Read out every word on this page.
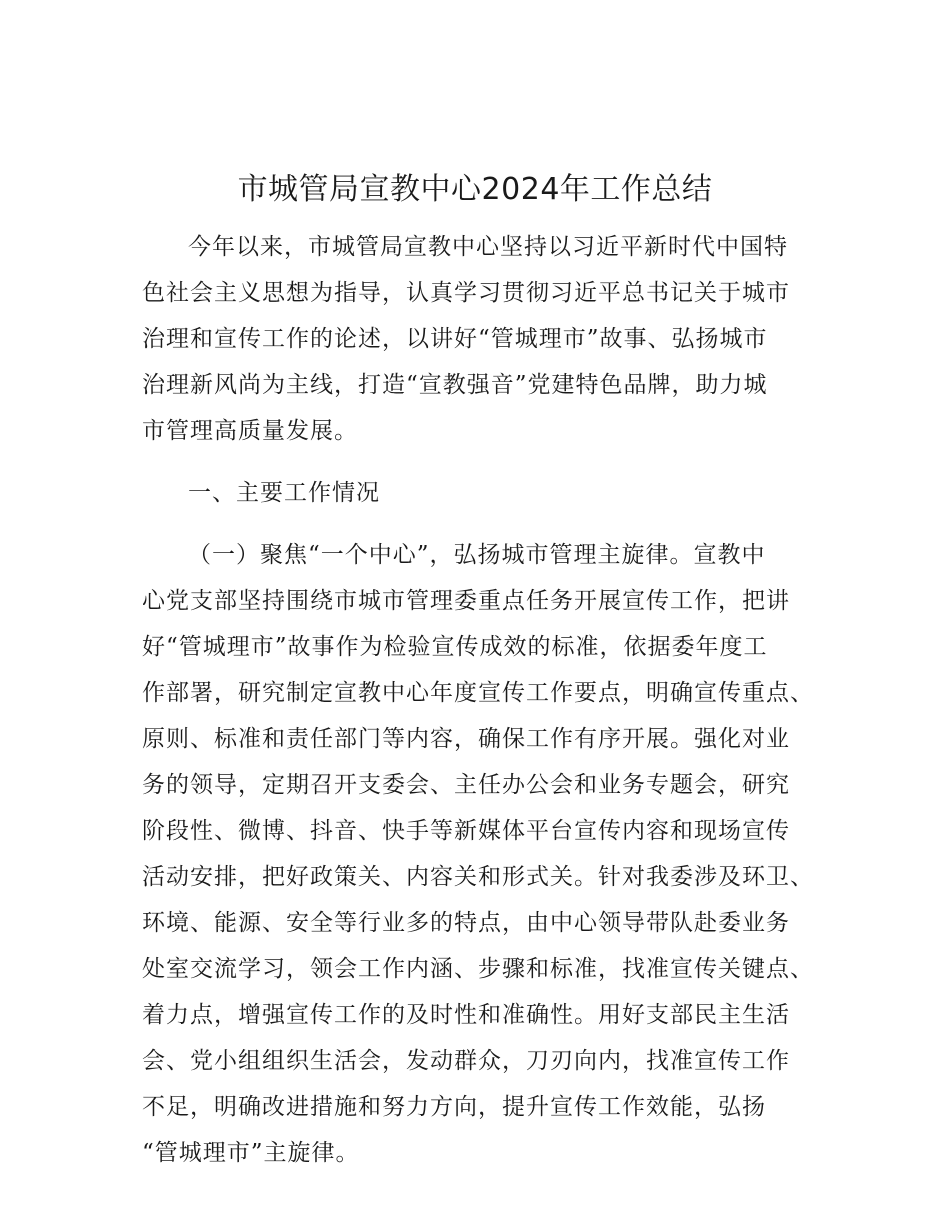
市城管局宣教中心2024年工作总结
今年以来，市城管局宣教中心坚持以习近平新时代中国特
色社会主义思想为指导，认真学习贯彻习近平总书记关于城市
治理和宣传工作的论述，以讲好“管城理市”故事、弘扬城市
治理新风尚为主线，打造“宣教强音”党建特色品牌，助力城
市管理高质量发展。
一、主要工作情况
（一）聚焦“一个中心”，弘扬城市管理主旋律。宣教中
心党支部坚持围绕市城市管理委重点任务开展宣传工作，把讲
好“管城理市”故事作为检验宣传成效的标准，依据委年度工
作部署，研究制定宣教中心年度宣传工作要点，明确宣传重点、
原则、标准和责任部门等内容，确保工作有序开展。强化对业
务的领导，定期召开支委会、主任办公会和业务专题会，研究
阶段性、微博、抖音、快手等新媒体平台宣传内容和现场宣传
活动安排，把好政策关、内容关和形式关。针对我委涉及环卫、
环境、能源、安全等行业多的特点，由中心领导带队赴委业务
处室交流学习，领会工作内涵、步骤和标准，找准宣传关键点、
着力点，增强宣传工作的及时性和准确性。用好支部民主生活
会、党小组组织生活会，发动群众，刀刃向内，找准宣传工作
不足，明确改进措施和努力方向，提升宣传工作效能，弘扬
“管城理市”主旋律。
